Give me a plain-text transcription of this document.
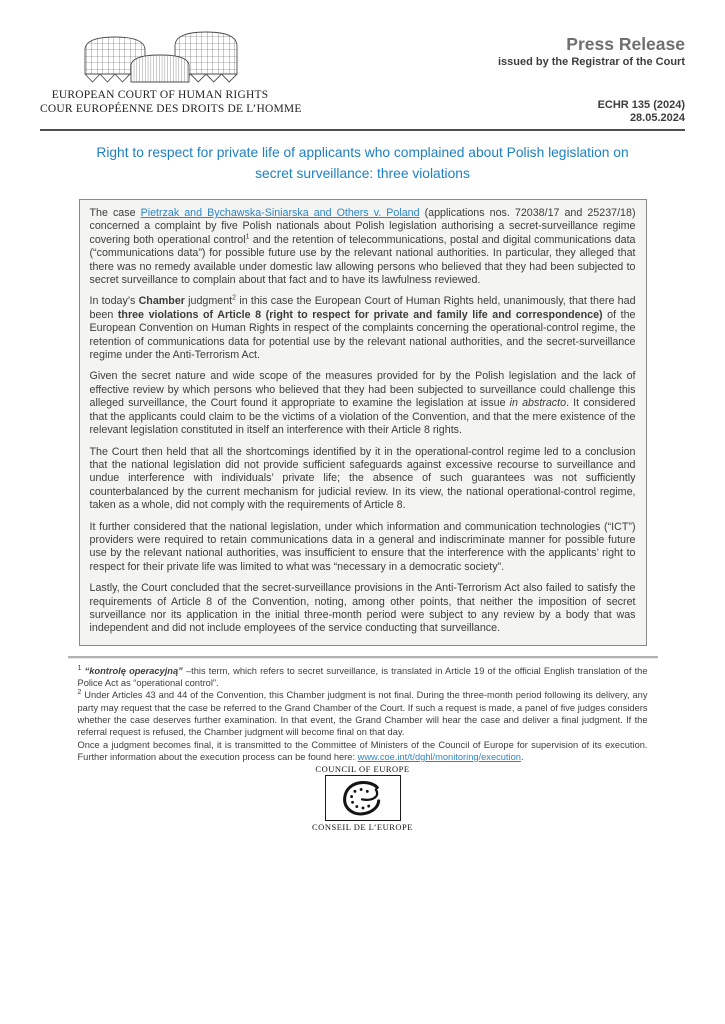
EUROPEAN COURT OF HUMAN RIGHTS
COUR EUROPÉENNE DES DROITS DE L’HOMME
Press Release
issued by the Registrar of the Court
ECHR 135 (2024)
28.05.2024
Right to respect for private life of applicants who complained about Polish legislation on secret surveillance: three violations

The case Pietrzak and Bychawska-Siniarska and Others v. Poland (applications nos. 72038/17 and 25237/18) concerned a complaint by five Polish nationals about Polish legislation authorising a secret-surveillance regime covering both operational control$^1$ and the retention of telecommunications, postal and digital communications data (“communications data”) for possible future use by the relevant national authorities. In particular, they alleged that there was no remedy available under domestic law allowing persons who believed that they had been subjected to secret surveillance to complain about that fact and to have its lawfulness reviewed.

In today’s Chamber judgment$^2$ in this case the European Court of Human Rights held, unanimously, that there had been three violations of Article 8 (right to respect for private and family life and correspondence) of the European Convention on Human Rights in respect of the complaints concerning the operational-control regime, the retention of communications data for potential use by the relevant national authorities, and the secret-surveillance regime under the Anti-Terrorism Act.

Given the secret nature and wide scope of the measures provided for by the Polish legislation and the lack of effective review by which persons who believed that they had been subjected to surveillance could challenge this alleged surveillance, the Court found it appropriate to examine the legislation at issue in abstracto. It considered that the applicants could claim to be the victims of a violation of the Convention, and that the mere existence of the relevant legislation constituted in itself an interference with their Article 8 rights.

The Court then held that all the shortcomings identified by it in the operational-control regime led to a conclusion that the national legislation did not provide sufficient safeguards against excessive recourse to surveillance and undue interference with individuals’ private life; the absence of such guarantees was not sufficiently counterbalanced by the current mechanism for judicial review. In its view, the national operational-control regime, taken as a whole, did not comply with the requirements of Article 8.

It further considered that the national legislation, under which information and communication technologies (“ICT”) providers were required to retain communications data in a general and indiscriminate manner for possible future use by the relevant national authorities, was insufficient to ensure that the interference with the applicants’ right to respect for their private life was limited to what was “necessary in a democratic society”.

Lastly, the Court concluded that the secret-surveillance provisions in the Anti-Terrorism Act also failed to satisfy the requirements of Article 8 of the Convention, noting, among other points, that neither the imposition of secret surveillance nor its application in the initial three-month period were subject to any review by a body that was independent and did not include employees of the service conducting that surveillance.

$^1$ “kontrolę operacyjną” –this term, which refers to secret surveillance, is translated in Article 19 of the official English translation of the Police Act as “operational control”.

$^2$ Under Articles 43 and 44 of the Convention, this Chamber judgment is not final. During the three-month period following its delivery, any party may request that the case be referred to the Grand Chamber of the Court. If such a request is made, a panel of five judges considers whether the case deserves further examination. In that event, the Grand Chamber will hear the case and deliver a final judgment. If the referral request is refused, the Chamber judgment will become final on that day.

Once a judgment becomes final, it is transmitted to the Committee of Ministers of the Council of Europe for supervision of its execution. Further information about the execution process can be found here: www.coe.int/t/dghl/monitoring/execution.

COUNCIL OF EUROPE
CONSEIL DE L’EUROPE
